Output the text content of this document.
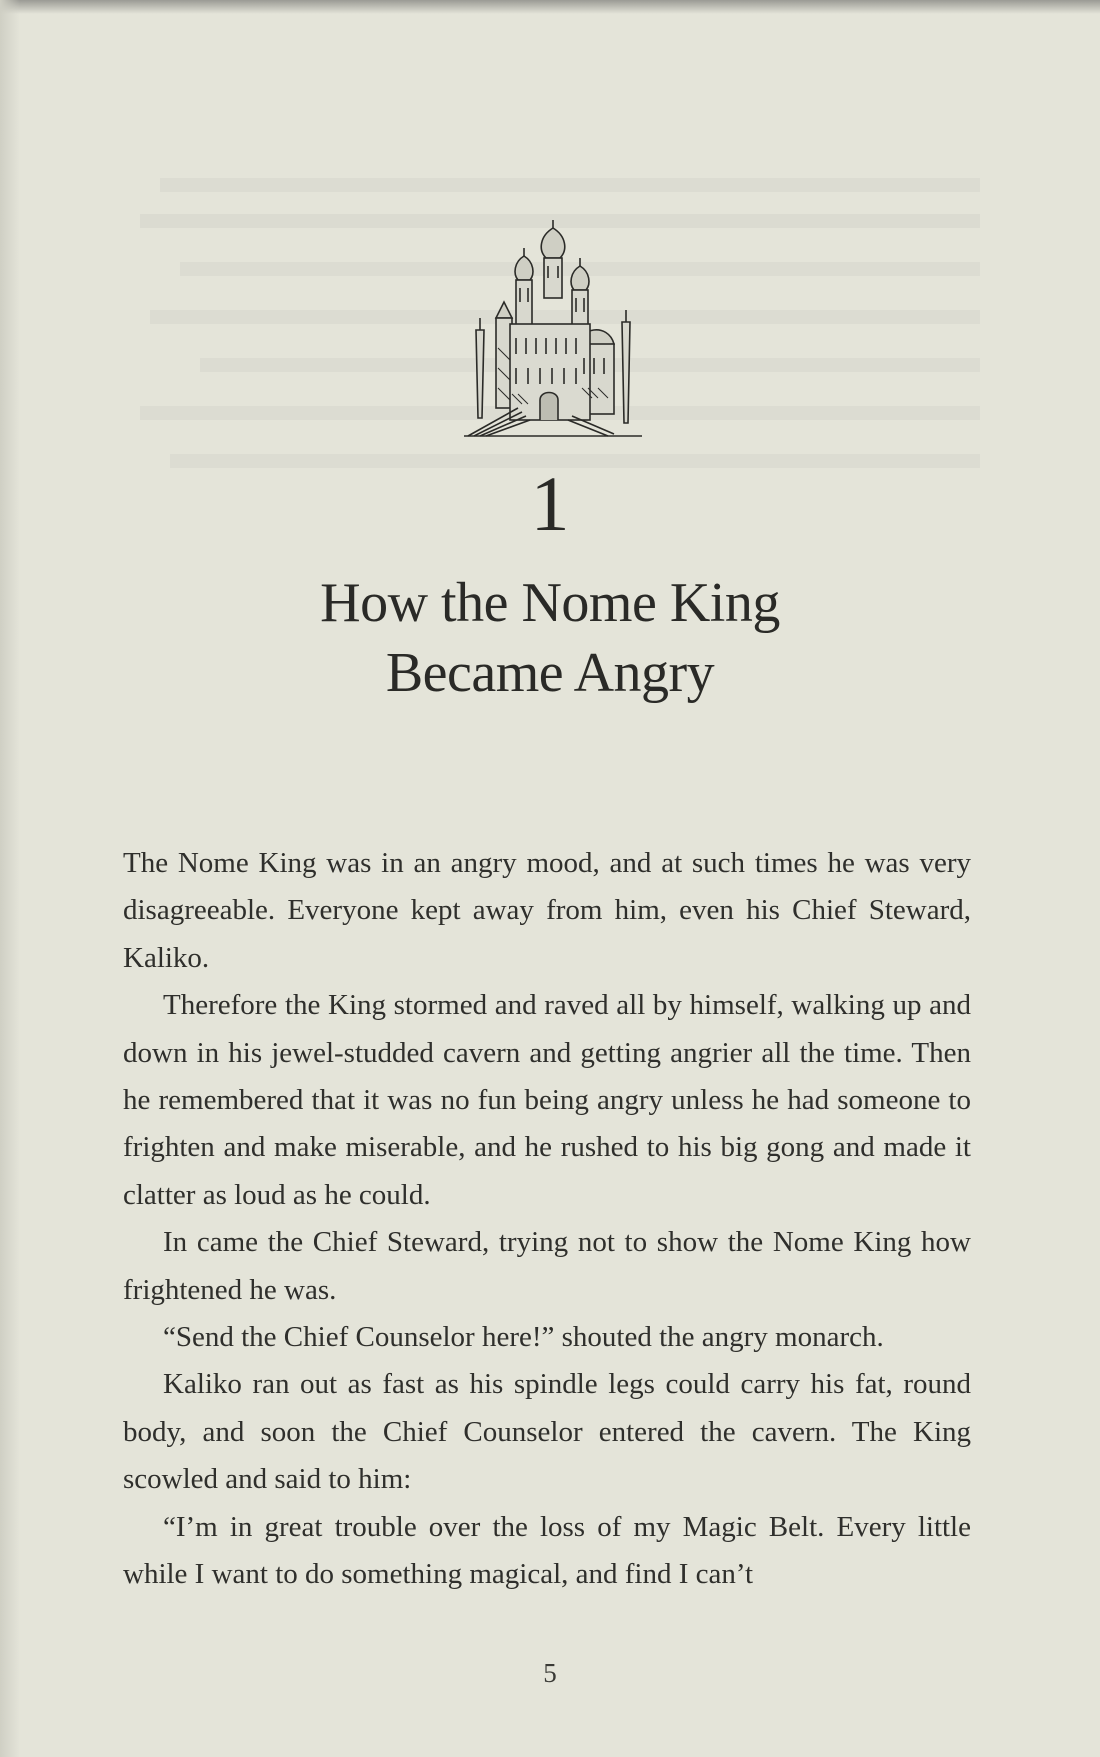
1
How the Nome King
Became Angry

The Nome King was in an angry mood, and at such times he was very disagreeable. Everyone kept away from him, even his Chief Steward, Kaliko.

Therefore the King stormed and raved all by himself, walking up and down in his jewel-studded cavern and getting angrier all the time. Then he remembered that it was no fun being angry unless he had someone to frighten and make miserable, and he rushed to his big gong and made it clatter as loud as he could.

In came the Chief Steward, trying not to show the Nome King how frightened he was.

“Send the Chief Counselor here!” shouted the angry monarch.

Kaliko ran out as fast as his spindle legs could carry his fat, round body, and soon the Chief Counselor entered the cavern. The King scowled and said to him:

“I’m in great trouble over the loss of my Magic Belt. Every little while I want to do something magical, and find I can’t

5
